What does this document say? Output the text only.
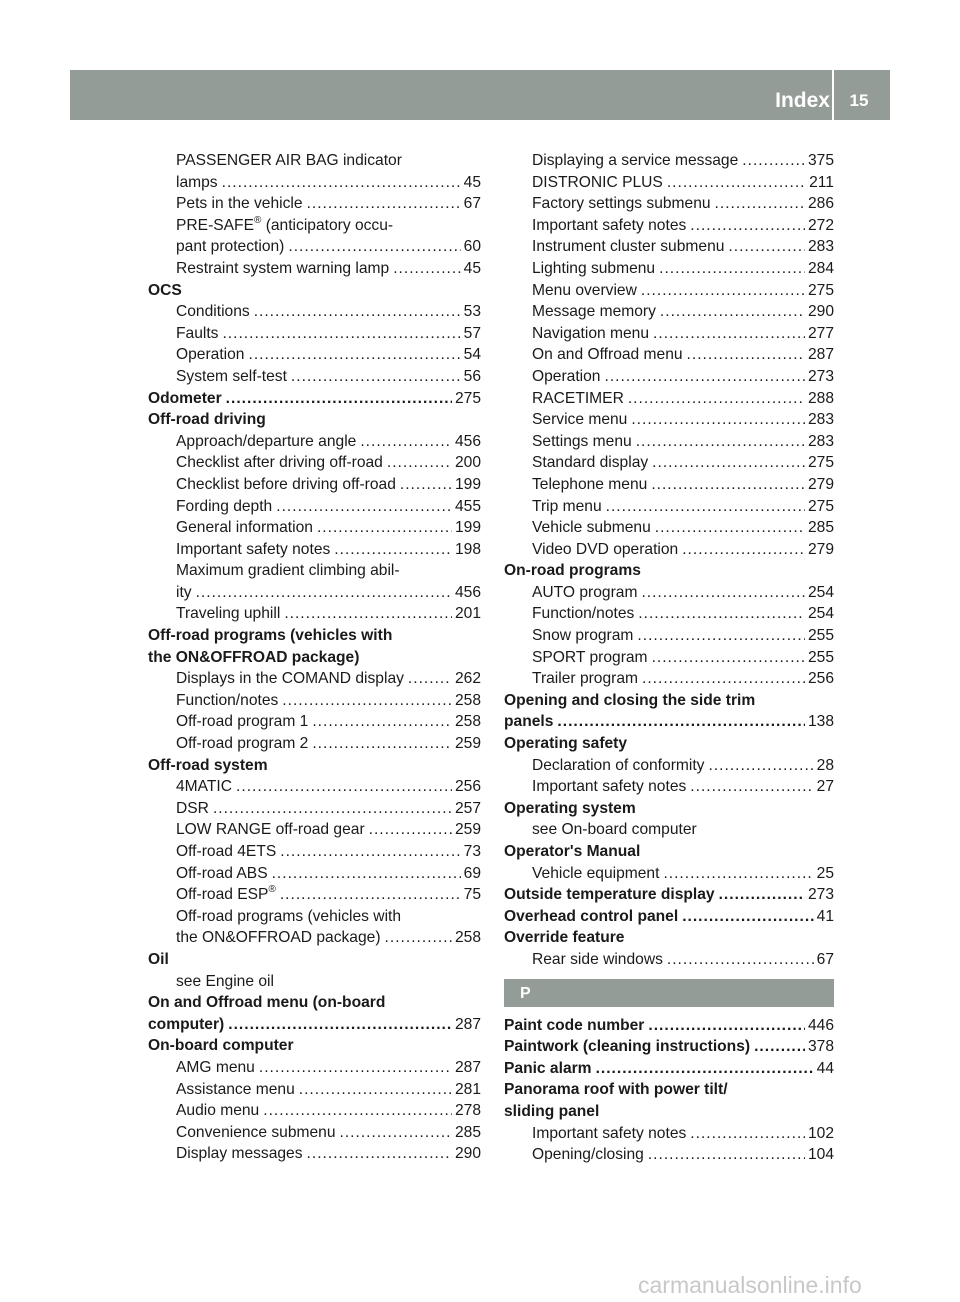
Index	15
PASSENGER AIR BAG indicator
lamps .....	45
Pets in the vehicle .....	67
PRE-SAFE® (anticipatory occu-
pant protection) .....	60
Restraint system warning lamp .....	45
OCS
Conditions .....	53
Faults .....	57
Operation .....	54
System self-test .....	56
Odometer .....	275
Off-road driving
Approach/departure angle .....	456
Checklist after driving off-road .....	200
Checklist before driving off-road .....	199
Fording depth .....	455
General information .....	199
Important safety notes .....	198
Maximum gradient climbing abil-
ity .....	456
Traveling uphill .....	201
Off-road programs (vehicles with
the ON&OFFROAD package)
Displays in the COMAND display .....	262
Function/notes .....	258
Off-road program 1 .....	258
Off-road program 2 .....	259
Off-road system
4MATIC .....	256
DSR .....	257
LOW RANGE off-road gear .....	259
Off-road 4ETS .....	73
Off-road ABS .....	69
Off-road ESP® .....	75
Off-road programs (vehicles with
the ON&OFFROAD package) .....	258
Oil
see Engine oil
On and Offroad menu (on-board
computer) .....	287
On-board computer
AMG menu .....	287
Assistance menu .....	281
Audio menu .....	278
Convenience submenu .....	285
Display messages .....	290
Displaying a service message .....	375
DISTRONIC PLUS .....	211
Factory settings submenu .....	286
Important safety notes .....	272
Instrument cluster submenu .....	283
Lighting submenu .....	284
Menu overview .....	275
Message memory .....	290
Navigation menu .....	277
On and Offroad menu .....	287
Operation .....	273
RACETIMER .....	288
Service menu .....	283
Settings menu .....	283
Standard display .....	275
Telephone menu .....	279
Trip menu .....	275
Vehicle submenu .....	285
Video DVD operation .....	279
On-road programs
AUTO program .....	254
Function/notes .....	254
Snow program .....	255
SPORT program .....	255
Trailer program .....	256
Opening and closing the side trim
panels .....	138
Operating safety
Declaration of conformity .....	28
Important safety notes .....	27
Operating system
see On-board computer
Operator's Manual
Vehicle equipment .....	25
Outside temperature display .....	273
Overhead control panel .....	41
Override feature
Rear side windows .....	67
P
Paint code number .....	446
Paintwork (cleaning instructions) .....	378
Panic alarm .....	44
Panorama roof with power tilt/
sliding panel
Important safety notes .....	102
Opening/closing .....	104
carmanualsonline.info
